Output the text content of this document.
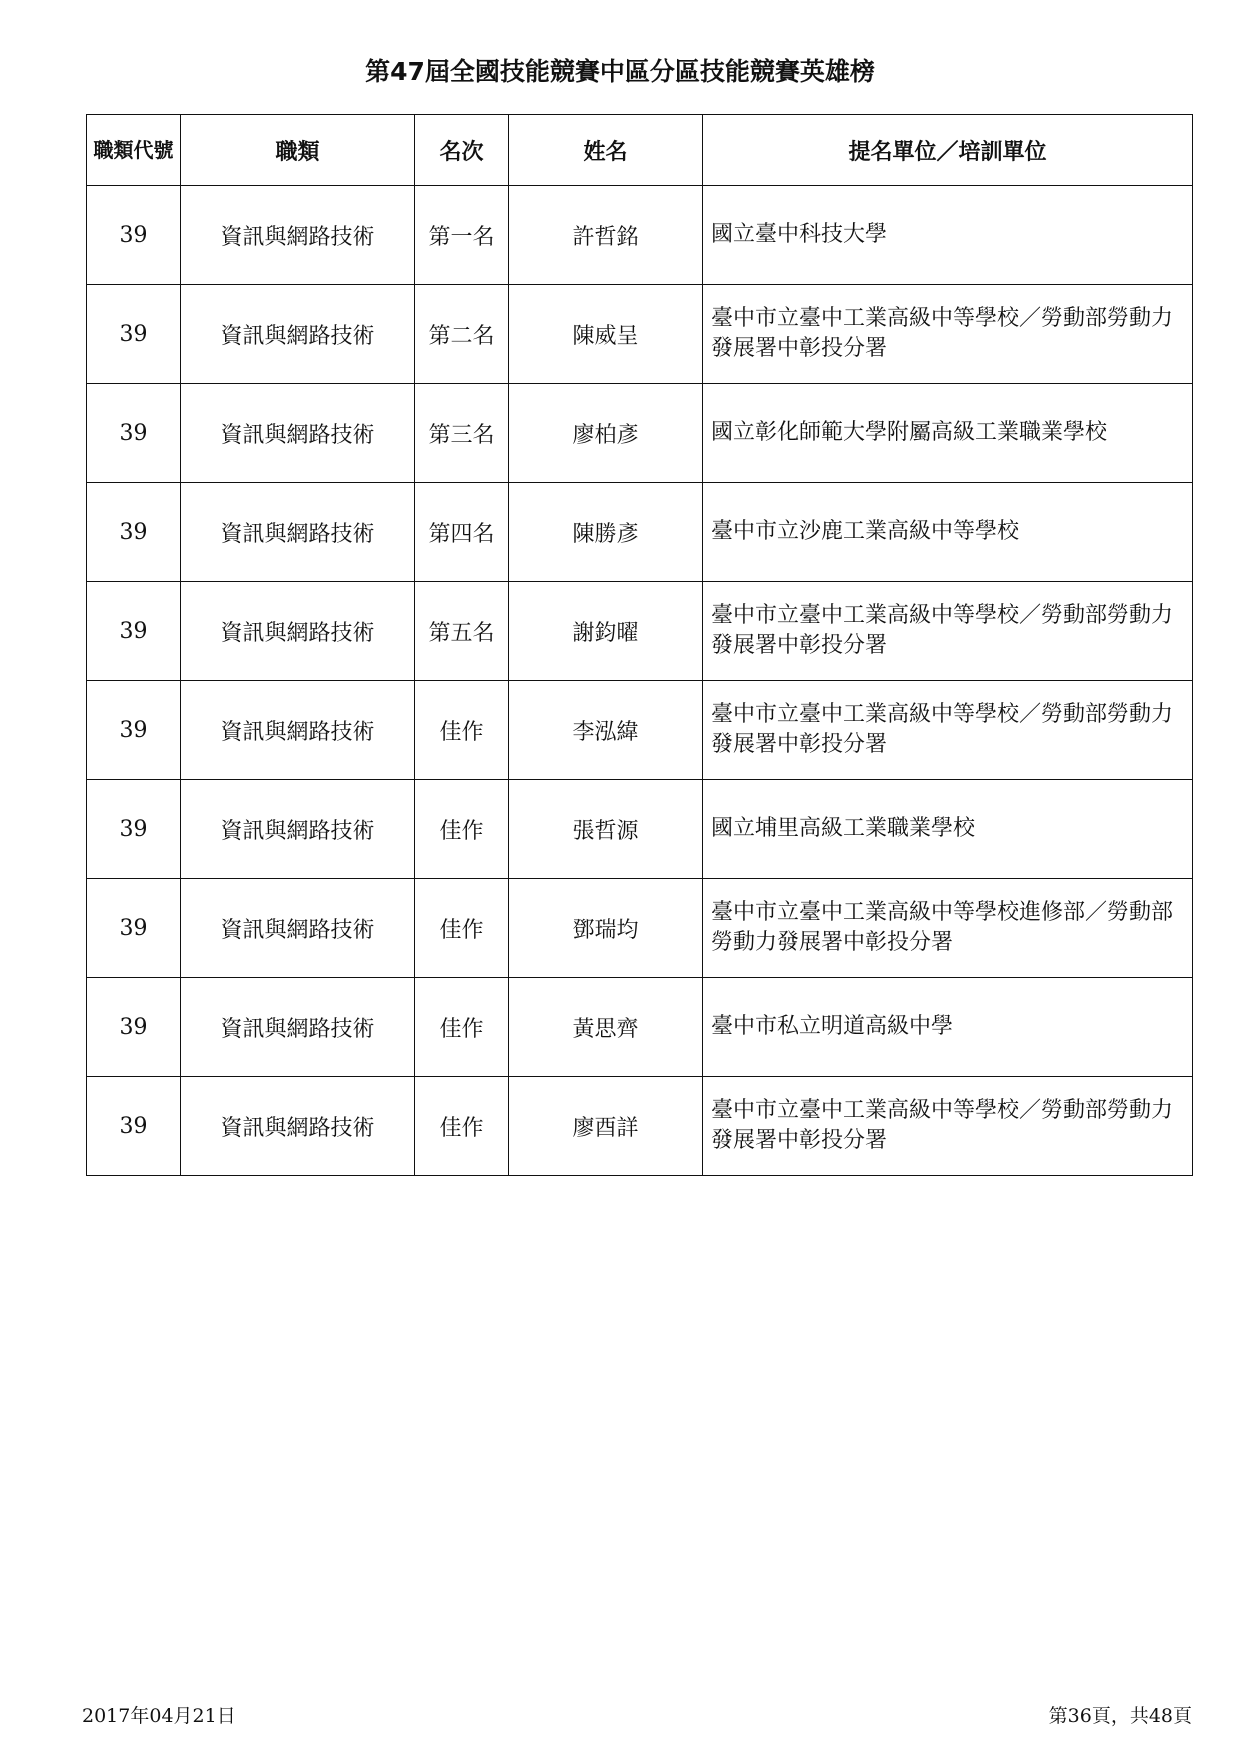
第47屆全國技能競賽中區分區技能競賽英雄榜
職類代號	職類	名次	姓名	提名單位／培訓單位
39	資訊與網路技術	第一名	許哲銘	國立臺中科技大學
39	資訊與網路技術	第二名	陳威呈	臺中市立臺中工業高級中等學校／勞動部勞動力發展署中彰投分署
39	資訊與網路技術	第三名	廖柏彥	國立彰化師範大學附屬高級工業職業學校
39	資訊與網路技術	第四名	陳勝彥	臺中市立沙鹿工業高級中等學校
39	資訊與網路技術	第五名	謝鈞曜	臺中市立臺中工業高級中等學校／勞動部勞動力發展署中彰投分署
39	資訊與網路技術	佳作	李泓緯	臺中市立臺中工業高級中等學校／勞動部勞動力發展署中彰投分署
39	資訊與網路技術	佳作	張哲源	國立埔里高級工業職業學校
39	資訊與網路技術	佳作	鄧瑞均	臺中市立臺中工業高級中等學校進修部／勞動部勞動力發展署中彰投分署
39	資訊與網路技術	佳作	黃思齊	臺中市私立明道高級中學
39	資訊與網路技術	佳作	廖酉詳	臺中市立臺中工業高級中等學校／勞動部勞動力發展署中彰投分署
2017年04月21日	第36頁，共48頁
